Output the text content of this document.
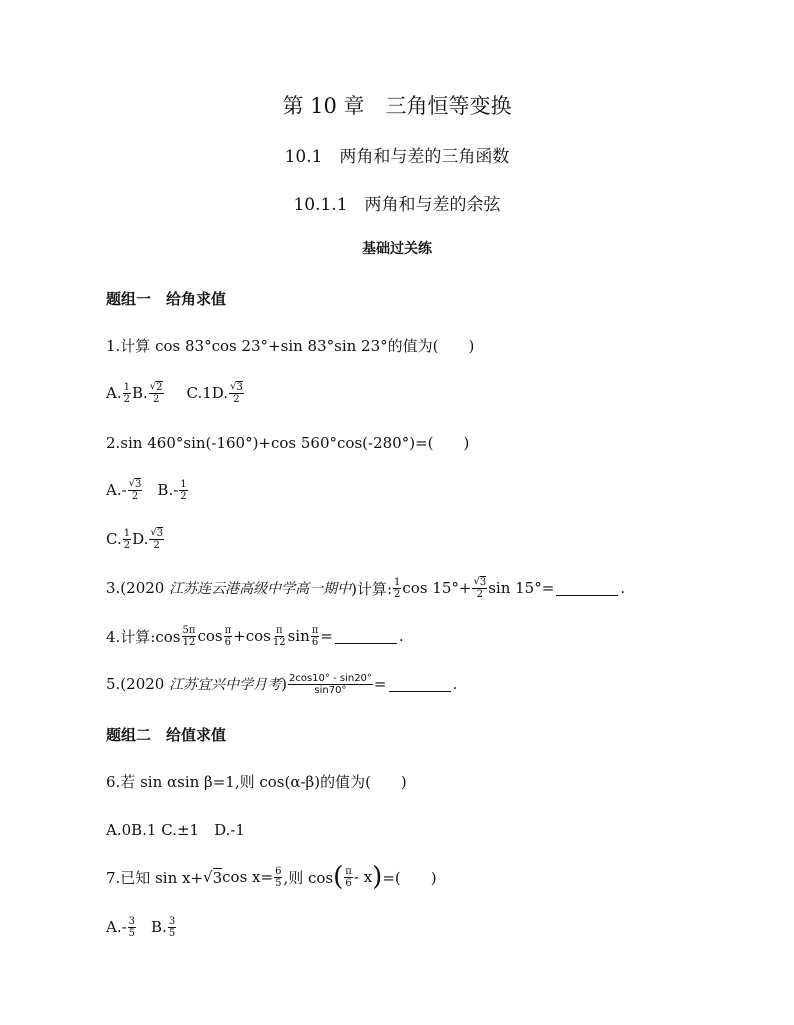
第 10 章　三角恒等变换
10.1　两角和与差的三角函数
10.1.1　两角和与差的余弦
基础过关练
题组一　给角求值
1.计算 cos 83°cos 23°+sin 83°sin 23°的值为(　　)
A. $\frac{1}{2} B$. $\frac{√ 2}{2} C.1$ D. $\frac{√ 3}{2}$
2.sin 460°sin(-160°)+cos 560°cos(-280°)=(　　)
$A.- \frac{√ 3}{2} B.- \frac{1}{2}$
C. $\frac{1}{2} D$. $\frac{√ 3}{2}$
3.(2020
江苏连云港高级中学高一期中 )计算: $\frac{1}{2}$ $\cos 15^\circ+ \frac{√ 3}{2}$ sin 15°=	.
4.计算:cos $\frac{5\pi}{12}$ $\cos \frac{\pi}{6} +\cos \frac{\pi}{12}$ $\sin \frac{\pi}{6}$ =	.
5.(2020
江苏宜兴中学月考 ) $\frac{2\cos 10^\circ - \sin 20^\circ}{\sin 70^\circ}$ =	.
题组二　给值求值
6.若 sin αsin β=1,则 cos(α-β)的值为(　　)
A.0B.1 C.±1　D.-1
7.已知 sin x+ √ 3 $\cos x= \frac{6}{5}$ ,则 cos ( $\frac{\pi}{6}$ - x ) =(　　)
$A.- \frac{3}{5} B$. $\frac{3}{5}$
